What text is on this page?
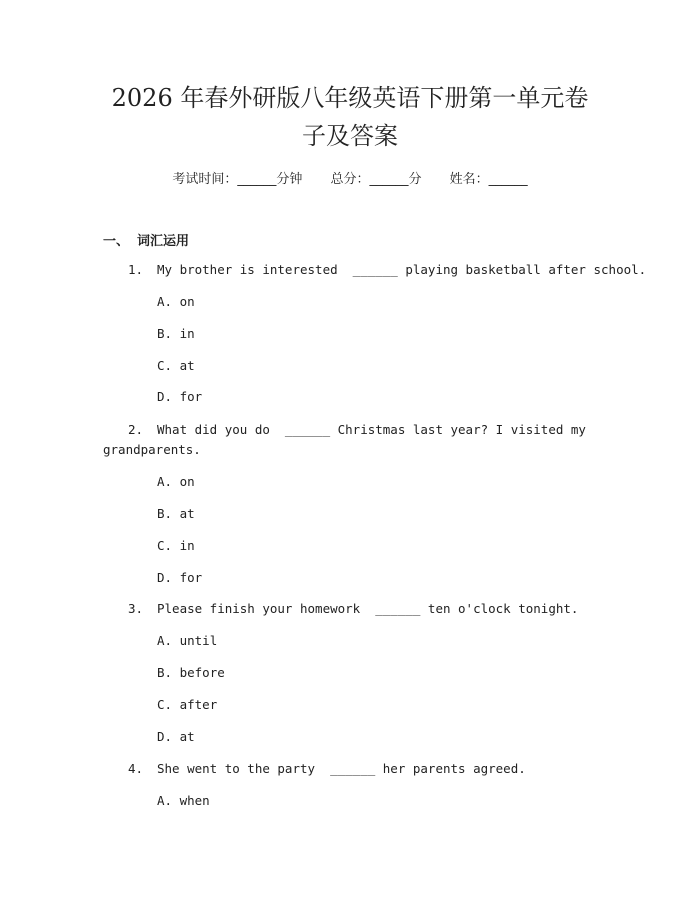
2026 年春外研版八年级英语下册第一单元卷
子及答案
考试时间：______分钟 总分：______分 姓名：______
一、 词汇运用
1. My brother is interested  ______ playing basketball after school.
A. on
B. in
C. at
D. for
2. What did you do  ______ Christmas last year? I visited my
grandparents.
A. on
B. at
C. in
D. for
3. Please finish your homework  ______ ten o'clock tonight.
A. until
B. before
C. after
D. at
4. She went to the party  ______ her parents agreed.
A. when
